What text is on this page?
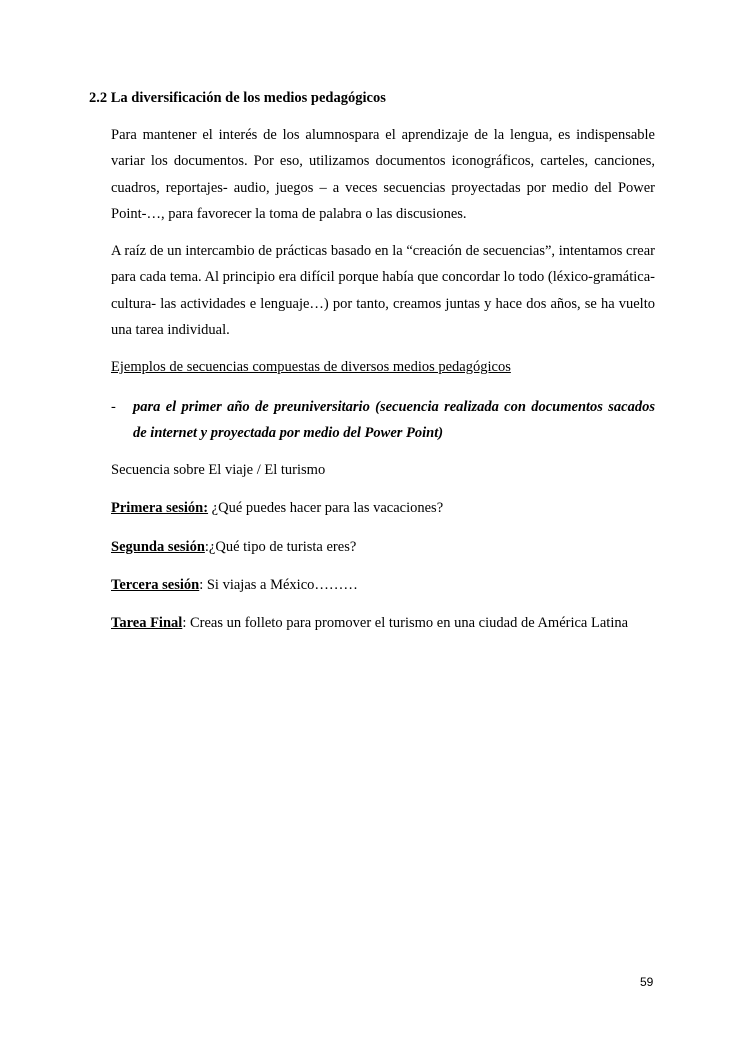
2.2 La diversificación de los medios pedagógicos

Para mantener el interés de los alumnospara el aprendizaje de la lengua, es indispensable variar los documentos. Por eso, utilizamos documentos iconográficos, carteles, canciones, cuadros, reportajes- audio, juegos – a veces secuencias proyectadas por medio del Power Point-…, para favorecer la toma de palabra o las discusiones.

A raíz de un intercambio de prácticas basado en la “creación de secuencias”, intentamos crear para cada tema. Al principio era difícil porque había que concordar lo todo (léxico-gramática- cultura- las actividades e lenguaje…) por tanto, creamos juntas y hace dos años, se ha vuelto una tarea individual.

Ejemplos de secuencias compuestas de diversos medios pedagógicos

- para el primer año de preuniversitario (secuencia realizada con documentos sacados de internet y proyectada por medio del Power Point)

Secuencia sobre El viaje / El turismo

Primera sesión: ¿Qué puedes hacer para las vacaciones?

Segunda sesión:¿Qué tipo de turista eres?

Tercera sesión: Si viajas a México………

Tarea Final: Creas un folleto para promover el turismo en una ciudad de América Latina

59
